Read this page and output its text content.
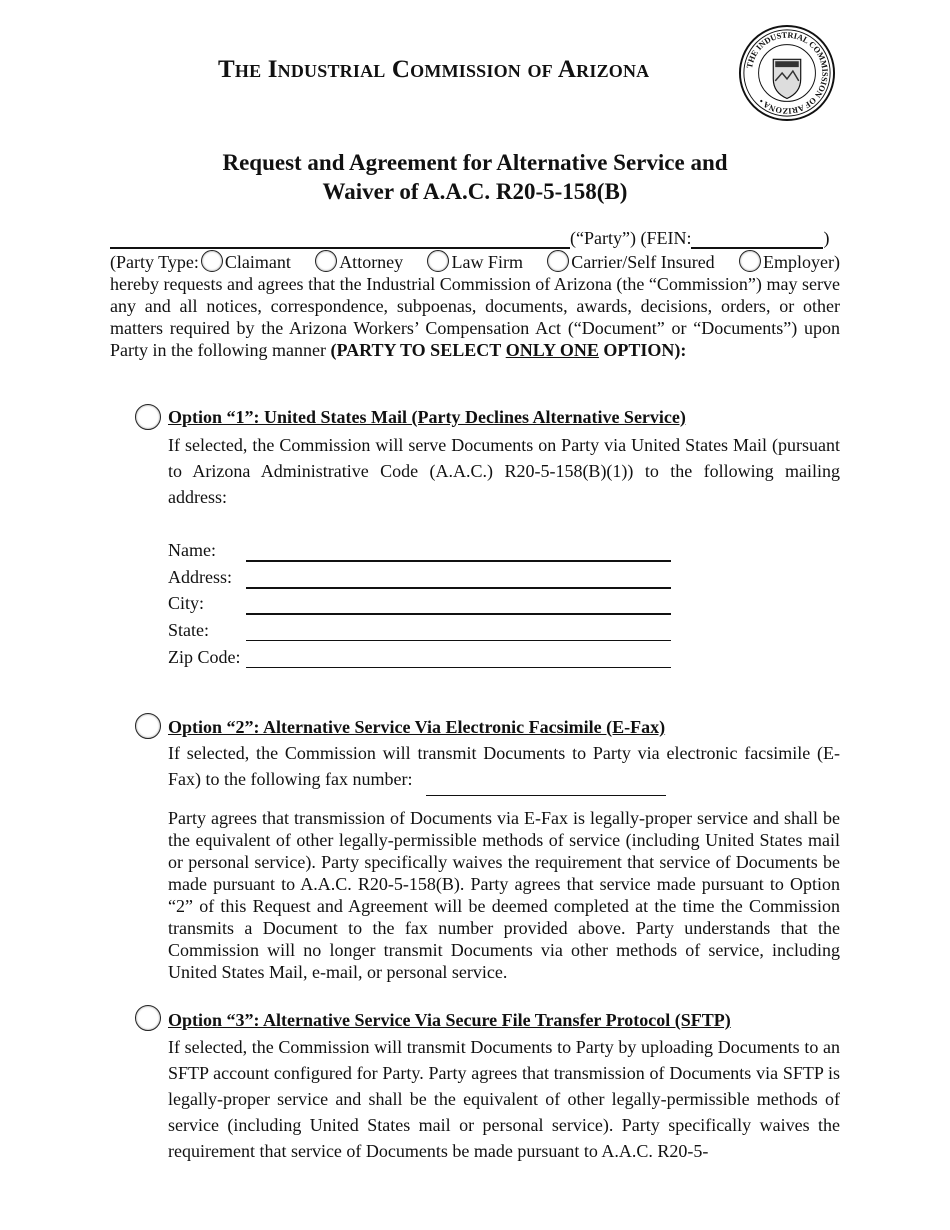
The Industrial Commission of Arizona	THE INDUSTRIAL COMMISSION OF ARIZONA •
Request and Agreement for Alternative Service and
Waiver of A.A.C. R20-5-158(B)
(“Party”) (FEIN:	)
(Party Type: Claimant	Attorney	Law Firm	Carrier/Self Insured	Employer)
hereby requests and agrees that the Industrial Commission of Arizona (the “Commission”) may serve any and all notices, correspondence, subpoenas, documents, awards, decisions, orders, or other matters required by the Arizona Workers’ Compensation Act (“Document” or “Documents”) upon Party in the following manner (PARTY TO SELECT ONLY ONE OPTION):
Option “1”: United States Mail (Party Declines Alternative Service)
If selected, the Commission will serve Documents on Party via United States Mail (pursuant to Arizona Administrative Code (A.A.C.) R20-5-158(B)(1)) to the following mailing address:
Name:
Address:
City:
State:
Zip Code:
Option “2”: Alternative Service Via Electronic Facsimile (E-Fax)
If selected, the Commission will transmit Documents to Party via electronic facsimile (E-Fax) to the following fax number:
Party agrees that transmission of Documents via E-Fax is legally-proper service and shall be the equivalent of other legally-permissible methods of service (including United States mail or personal service). Party specifically waives the requirement that service of Documents be made pursuant to A.A.C. R20-5-158(B). Party agrees that service made pursuant to Option “2” of this Request and Agreement will be deemed completed at the time the Commission transmits a Document to the fax number provided above. Party understands that the Commission will no longer transmit Documents via other methods of service, including United States Mail, e-mail, or personal service.
Option “3”: Alternative Service Via Secure File Transfer Protocol (SFTP)
If selected, the Commission will transmit Documents to Party by uploading Documents to an SFTP account configured for Party. Party agrees that transmission of Documents via SFTP is legally-proper service and shall be the equivalent of other legally-permissible methods of service (including United States mail or personal service). Party specifically waives the requirement that service of Documents be made pursuant to A.A.C. R20-5-
